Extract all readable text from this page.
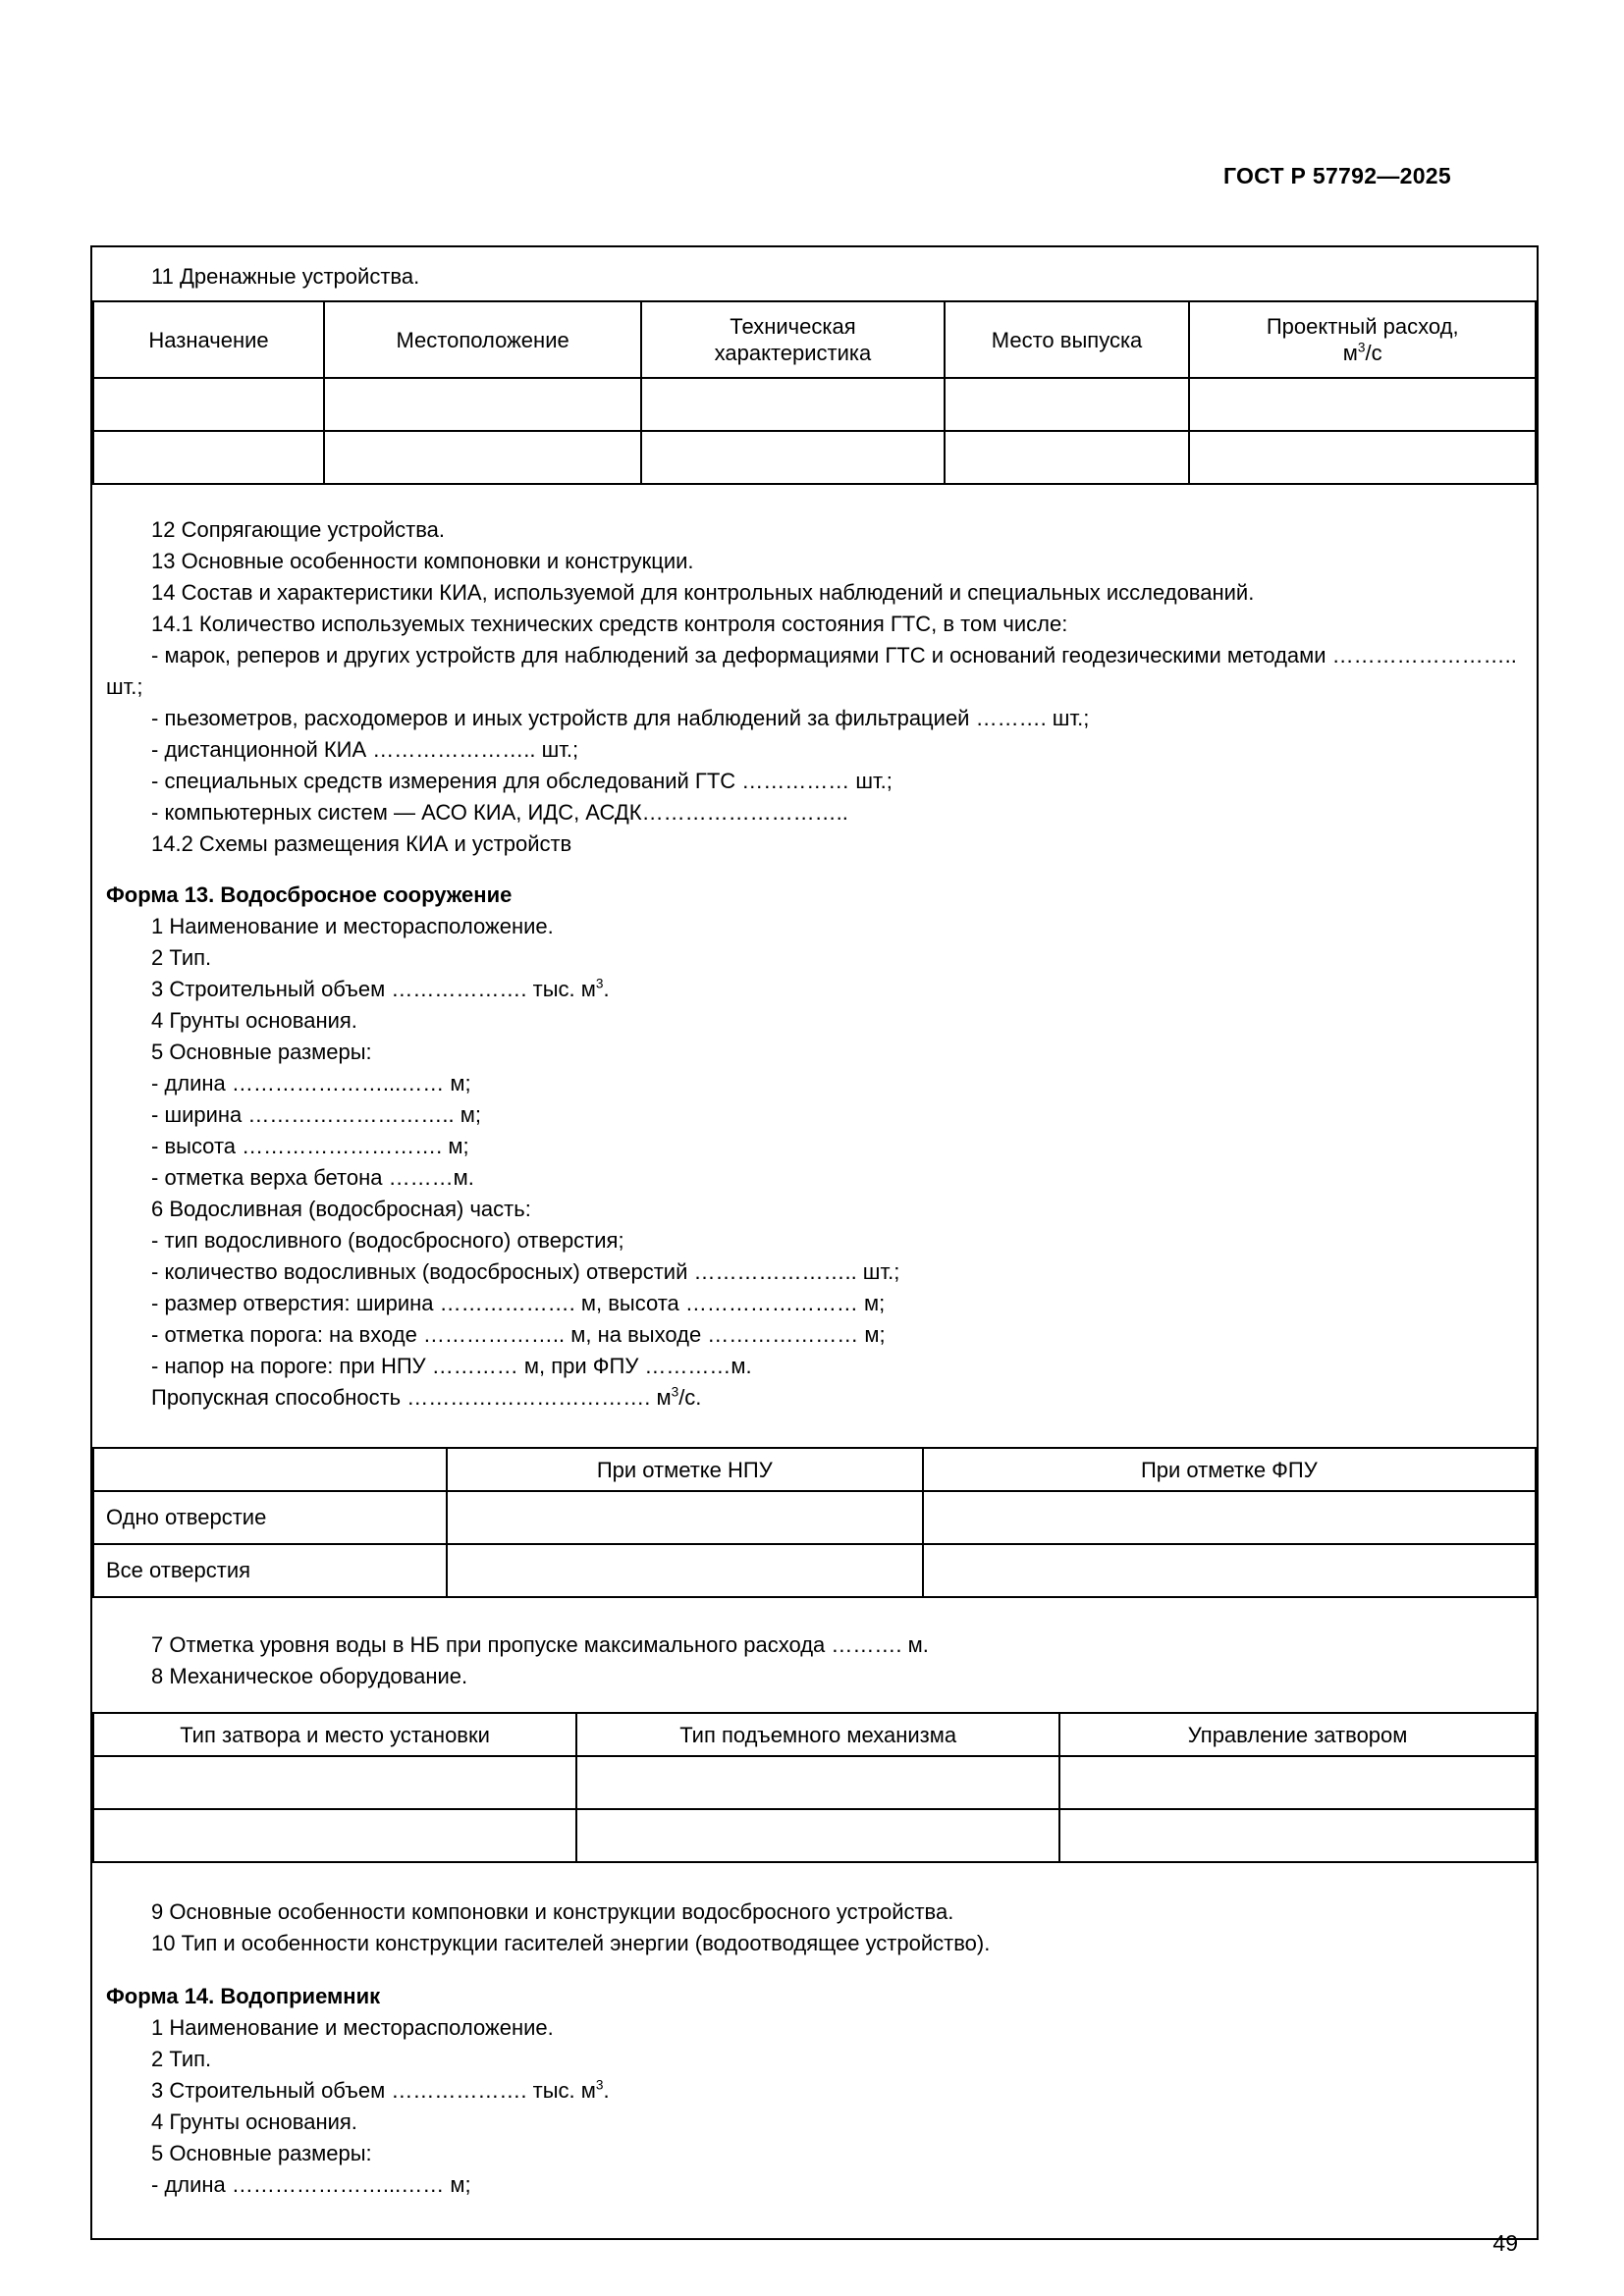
ГОСТ Р 57792—2025

11 Дренажные устройства.

Назначение	Местоположение	Техническая характеристика	Место выпуска	Проектный расход,
$м^3/с$

12 Сопрягающие устройства.

13 Основные особенности компоновки и конструкции.

14 Состав и характеристики КИА, используемой для контрольных наблюдений и специальных исследований.

14.1 Количество используемых технических средств контроля состояния ГТС, в том числе:

- марок, реперов и других устройств для наблюдений за деформациями ГТС и оснований геодезическими методами …………………….. шт.;

- пьезометров, расходомеров и иных устройств для наблюдений за фильтрацией ………. шт.;

- дистанционной КИА ………………….. шт.;

- специальных средств измерения для обследований ГТС …………… шт.;

- компьютерных систем — АСО КИА, ИДС, АСДК………………………..

14.2 Схемы размещения КИА и устройств

Форма 13. Водосбросное сооружение

1 Наименование и месторасположение.

2 Тип.

3 Строительный объем ………………. тыс. $м^3$.

4 Грунты основания.

5 Основные размеры:

- длина …………………...…… м;

- ширина ……………………….. м;

- высота ………………………. м;

- отметка верха бетона ………м.

6 Водосливная (водосбросная) часть:

- тип водосливного (водосбросного) отверстия;

- количество водосливных (водосбросных) отверстий ………………….. шт.;

- размер отверстия: ширина ………………. м, высота …………………… м;

- отметка порога: на входе ……………….. м, на выходе ………………… м;

- напор на пороге: при НПУ ………… м, при ФПУ …………м.

Пропускная способность ……………………………. $м^3/с$.

	При отметке НПУ	При отметке ФПУ
Одно отверстие		
Все отверстия		

7 Отметка уровня воды в НБ при пропуске максимального расхода ………. м.

8 Механическое оборудование.

Тип затвора и место установки	Тип подъемного механизма	Управление затвором

9 Основные особенности компоновки и конструкции водосбросного устройства.

10 Тип и особенности конструкции гасителей энергии (водоотводящее устройство).

Форма 14. Водоприемник

1 Наименование и месторасположение.

2 Тип.

3 Строительный объем ………………. тыс. $м^3$.

4 Грунты основания.

5 Основные размеры:

- длина …………………...…… м;

49
